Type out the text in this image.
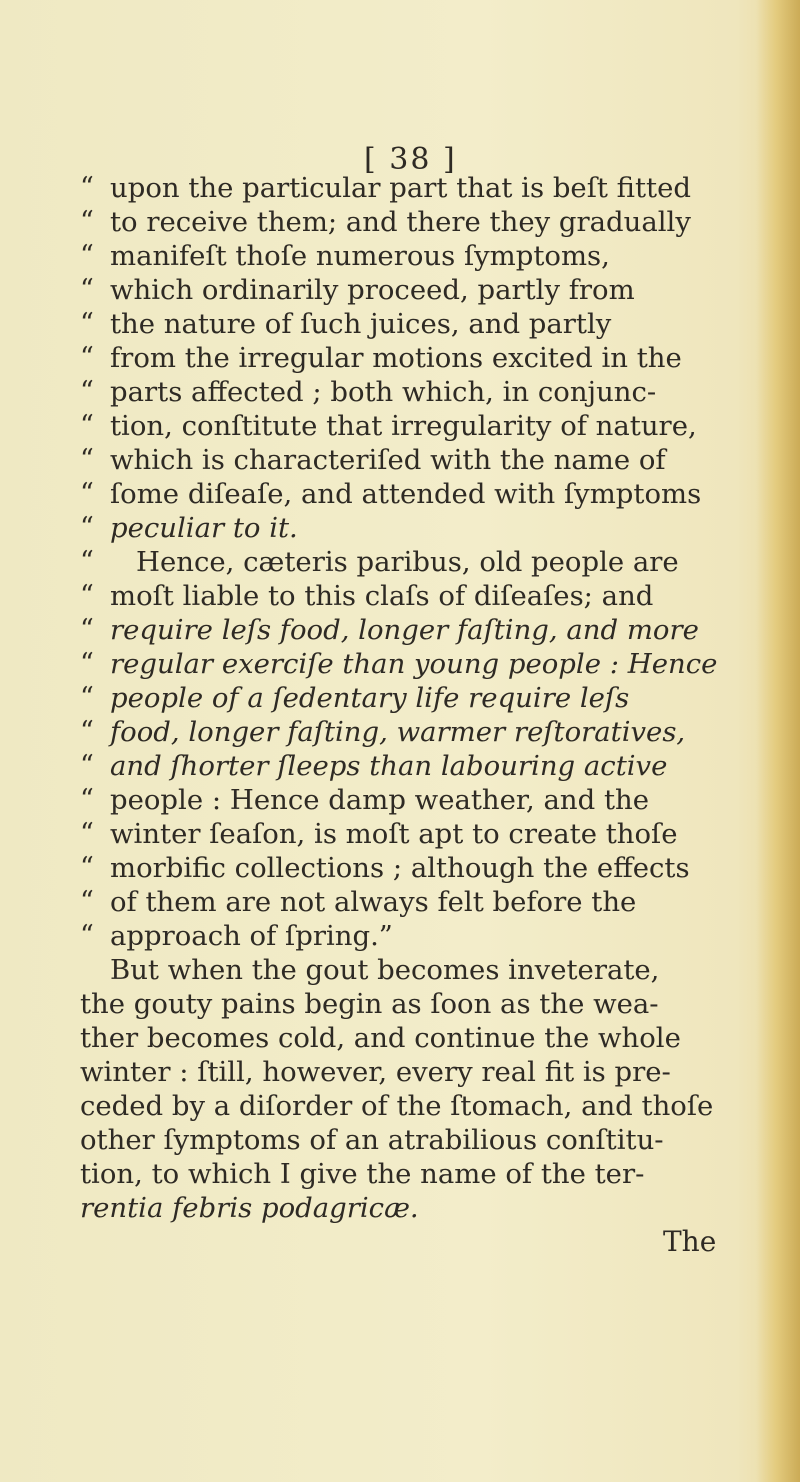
[ 38 ]
“
“
“
“
“
“
“
“
“
“
“
“
“
“
“
“
“
“
“
“
“
“
“
upon the particular part that is beſt fitted
to receive them; and there they gradually
manifeſt thoſe numerous ſymptoms,
which ordinarily proceed, partly from
the nature of ſuch juices, and partly
from the irregular motions excited in the
parts affected ; both which, in conjunc-
tion, conſtitute that irregularity of nature,
which is characteriſed with the name of
ſome diſeaſe, and attended with ſymptoms
peculiar to it.
Hence, cæteris paribus, old people are
moſt liable to this claſs of diſeaſes; and
require leſs food, longer faſting, and more
regular exerciſe than young people : Hence
people of a ſedentary life require leſs
food, longer faſting, warmer reſtoratives,
and ſhorter ſleeps than labouring active
people : Hence damp weather, and the
winter ſeaſon, is moſt apt to create thoſe
morbific collections ; although the effects
of them are not always felt before the
approach of ſpring.”
But when the gout becomes inveterate,
the gouty pains begin as ſoon as the wea-
ther becomes cold, and continue the whole
winter : ſtill, however, every real fit is pre-
ceded by a diſorder of the ſtomach, and thoſe
other ſymptoms of an atrabilious conſtitu-
tion, to which I give the name of the ter-
rentia febris podagricæ.
The
